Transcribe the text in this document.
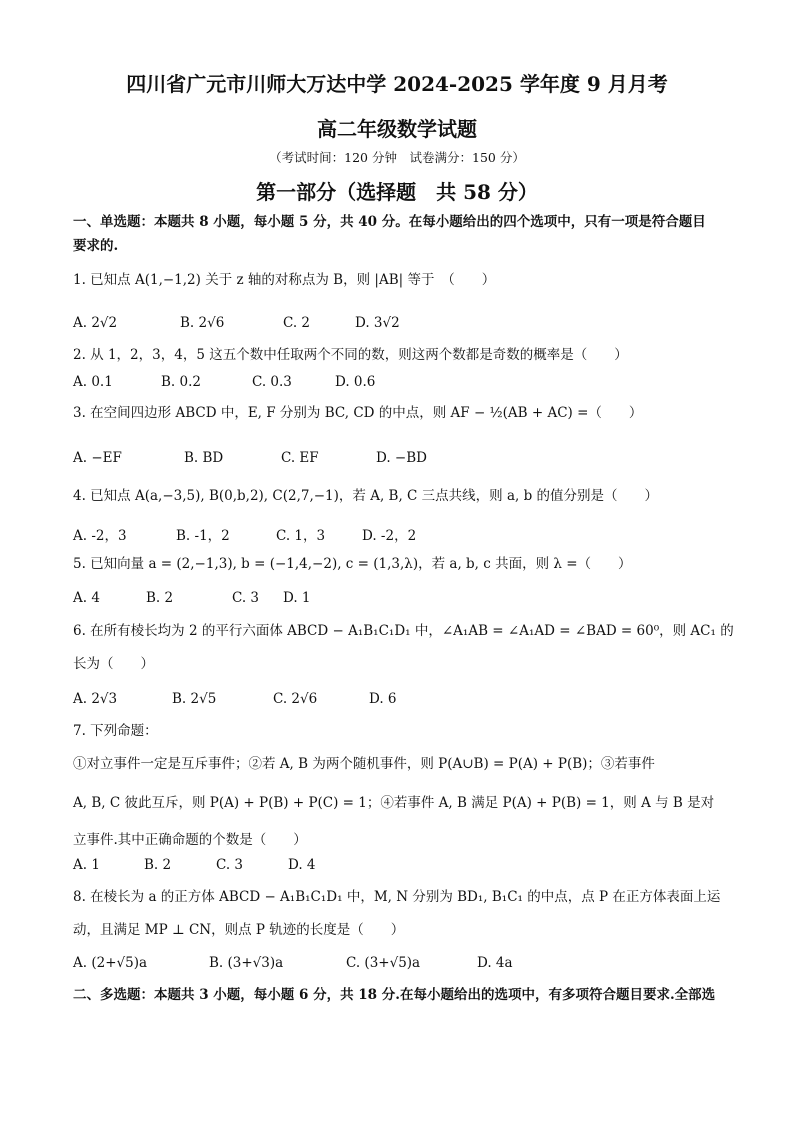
四川省广元市川师大万达中学 2024-2025 学年度 9 月月考
高二年级数学试题
（考试时间：120 分钟　试卷满分：150 分）
第一部分（选择题　共 58 分）
一、单选题：本题共 8 小题，每小题 5 分，共 40 分。在每小题给出的四个选项中，只有一项是符合题目
要求的.
1. 已知点 A(1,−1,2) 关于 z 轴的对称点为 B，则 |AB| 等于　（　　）
A. 2√2	B. 2√6	C. 2	D. 3√2
2. 从 1，2，3，4，5 这五个数中任取两个不同的数，则这两个数都是奇数的概率是（　　）
A. 0.1	B. 0.2	C. 0.3	D. 0.6
3. 在空间四边形 ABCD 中，E, F 分别为 BC, CD 的中点，则 AF − ½(AB + AC) =（　　）
A. −EF	B. BD	C. EF	D. −BD
4. 已知点 A(a,−3,5), B(0,b,2), C(2,7,−1)，若 A, B, C 三点共线，则 a, b 的值分别是（　　）
A. -2，3	B. -1，2	C. 1，3	D. -2，2
5. 已知向量 a = (2,−1,3), b = (−1,4,−2), c = (1,3,λ)，若 a, b, c 共面，则 λ =（　　）
A. 4	B. 2	C. 3 D. 1
6. 在所有棱长均为 2 的平行六面体 ABCD − A₁B₁C₁D₁ 中，∠A₁AB = ∠A₁AD = ∠BAD = 60⁰，则 AC₁ 的
长为（　　）
A. 2√3	B. 2√5	C. 2√6	D. 6
7. 下列命题：
①对立事件一定是互斥事件；②若 A, B 为两个随机事件，则 P(A∪B) = P(A) + P(B)；③若事件
A, B, C 彼此互斥，则 P(A) + P(B) + P(C) = 1；④若事件 A, B 满足 P(A) + P(B) = 1，则 A 与 B 是对
立事件.其中正确命题的个数是（　　）
A. 1	B. 2	C. 3	D. 4
8. 在棱长为 a 的正方体 ABCD − A₁B₁C₁D₁ 中，M, N 分别为 BD₁, B₁C₁ 的中点，点 P 在正方体表面上运
动，且满足 MP ⊥ CN，则点 P 轨迹的长度是（　　）
A. (2+√5)a	B. (3+√3)a	C. (3+√5)a	D. 4a
二、多选题：本题共 3 小题，每小题 6 分，共 18 分.在每小题给出的选项中，有多项符合题目要求.全部选
